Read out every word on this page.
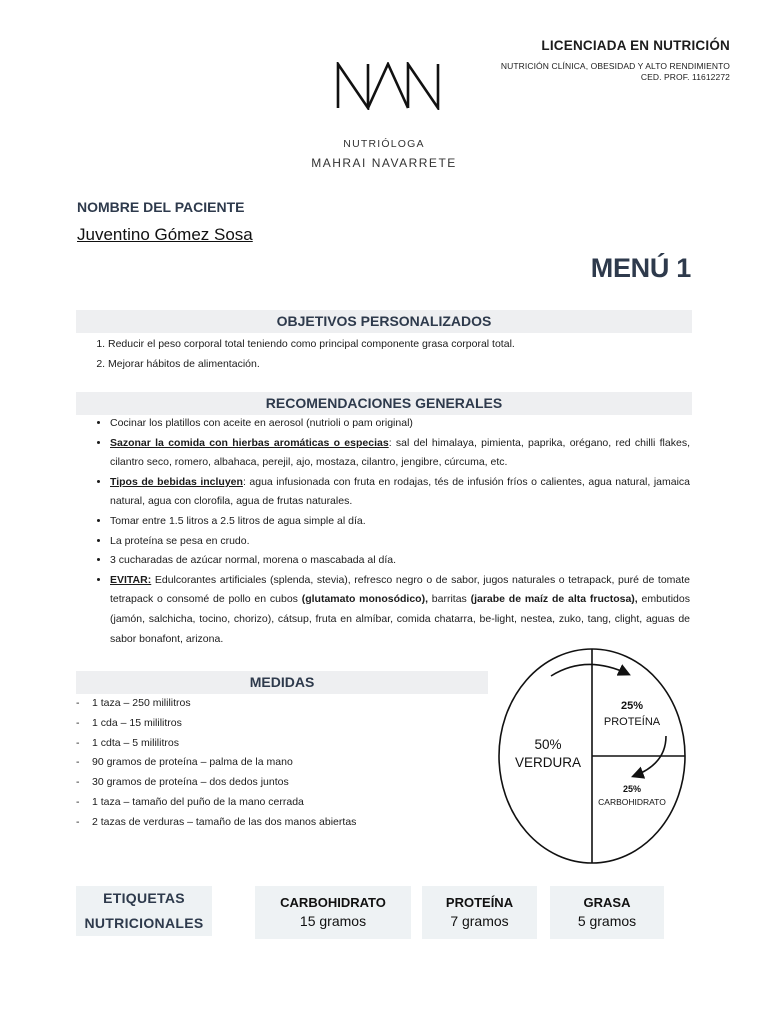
LICENCIADA EN NUTRICIÓN
NUTRICIÓN CLÍNICA, OBESIDAD Y ALTO RENDIMIENTO
CED. PROF. 11612272
NUTRIÓLOGA
MAHRAI NAVARRETE
NOMBRE DEL PACIENTE
Juventino Gómez Sosa
MENÚ 1
OBJETIVOS PERSONALIZADOS
1. Reducir el peso corporal total teniendo como principal componente grasa corporal total.
2. Mejorar hábitos de alimentación.
RECOMENDACIONES GENERALES
• Cocinar los platillos con aceite en aerosol (nutrioli o pam original)
• Sazonar la comida con hierbas aromáticas o especias: sal del himalaya, pimienta, paprika, orégano, red chilli flakes, cilantro seco, romero, albahaca, perejil, ajo, mostaza, cilantro, jengibre, cúrcuma, etc.
• Tipos de bebidas incluyen: agua infusionada con fruta en rodajas, tés de infusión fríos o calientes, agua natural, jamaica natural, agua con clorofila, agua de frutas naturales.
• Tomar entre 1.5 litros a 2.5 litros de agua simple al día.
• La proteína se pesa en crudo.
• 3 cucharadas de azúcar normal, morena o mascabada al día.
• EVITAR: Edulcorantes artificiales (splenda, stevia), refresco negro o de sabor, jugos naturales o tetrapack, puré de tomate tetrapack o consomé de pollo en cubos (glutamato monosódico), barritas (jarabe de maíz de alta fructosa), embutidos (jamón, salchicha, tocino, chorizo), cátsup, fruta en almíbar, comida chatarra, be-light, nestea, zuko, tang, clight, aguas de sabor bonafont, arizona.
MEDIDAS
- 1 taza – 250 mililitros
- 1 cda – 15 mililitros
- 1 cdta – 5 mililitros
- 90 gramos de proteína – palma de la mano
- 30 gramos de proteína – dos dedos juntos
- 1 taza – tamaño del puño de la mano cerrada
- 2 tazas de verduras – tamaño de las dos manos abiertas
50%
VERDURA
25%
PROTEÍNA
25%
CARBOHIDRATO
ETIQUETAS
NUTRICIONALES
CARBOHIDRATO
15 gramos
PROTEÍNA
7 gramos
GRASA
5 gramos
